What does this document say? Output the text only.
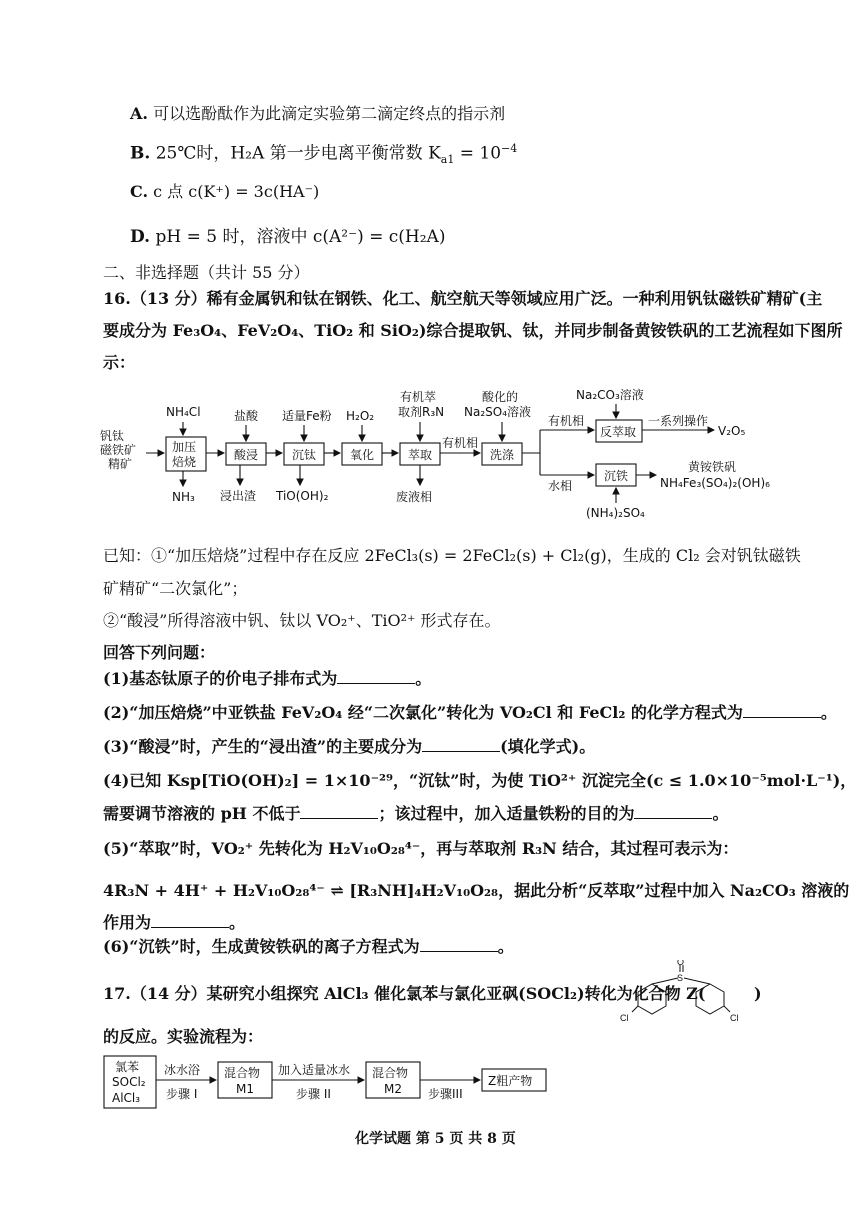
A. 可以选酚酞作为此滴定实验第二滴定终点的指示剂
B. 25℃时，H₂A 第一步电离平衡常数 $K_{a1} = 10^{-4}$
C. c 点 c(K⁺) = 3c(HA⁻)
D. pH = 5 时，溶液中 c(A²⁻) = c(H₂A)
二、非选择题（共计 55 分）
16.（13 分）稀有金属钒和钛在钢铁、化工、航空航天等领域应用广泛。一种利用钒钛磁铁矿精矿(主
要成分为 Fe₃O₄、FeV₂O₄、TiO₂ 和 SiO₂)综合提取钒、钛，并同步制备黄铵铁矾的工艺流程如下图所
示：
钒钛
磁铁矿
精矿
NH₄Cl
加压
焙烧
NH₃
盐酸
酸浸
浸出渣
适量Fe粉
沉钛
TiO(OH)₂
H₂O₂
氧化
有机萃
取剂R₃N
萃取
废液相
有机相
酸化的
Na₂SO₄溶液
洗涤
有机相
水相
Na₂CO₃溶液
反萃取
一系列操作
V₂O₅
沉铁
(NH₄)₂SO₄
黄铵铁矾
NH₄Fe₃(SO₄)₂(OH)₆
已知：①“加压焙烧”过程中存在反应 2FeCl₃(s) = 2FeCl₂(s) + Cl₂(g)，生成的 Cl₂ 会对钒钛磁铁
矿精矿“二次氯化”；
②“酸浸”所得溶液中钒、钛以 VO₂⁺、TiO²⁺ 形式存在。
回答下列问题：
(1)基态钛原子的价电子排布式为	。
(2)“加压焙烧”中亚铁盐 FeV₂O₄ 经“二次氯化”转化为 VO₂Cl 和 FeCl₂ 的化学方程式为	。
(3)“酸浸”时，产生的“浸出渣”的主要成分为	(填化学式)。
(4)已知 Ksp[TiO(OH)₂] = 1×10⁻²⁹，“沉钛”时，为使 TiO²⁺ 沉淀完全(c ≤ 1.0×10⁻⁵mol·L⁻¹)，
需要调节溶液的 pH 不低于	；该过程中，加入适量铁粉的目的为	。
(5)“萃取”时，VO₂⁺ 先转化为 H₂V₁₀O₂₈⁴⁻，再与萃取剂 R₃N 结合，其过程可表示为：
4R₃N + 4H⁺ + H₂V₁₀O₂₈⁴⁻ ⇌ [R₃NH]₄H₂V₁₀O₂₈，据此分析“反萃取”过程中加入 Na₂CO₃ 溶液的
作用为	。
(6)“沉铁”时，生成黄铵铁矾的离子方程式为	。
17.（14 分）某研究小组探究 AlCl₃ 催化氯苯与氯化亚砜(SOCl₂)转化为化合物 Z(
O
S
Cl	Cl
)
的反应。实验流程为：
氯苯
SOCl₂
AlCl₃
冰水浴
步骤 I
混合物
M1
加入适量冰水
步骤 II
混合物
M2 步骤III
Z粗产物
化学试题 第 5 页 共 8 页
